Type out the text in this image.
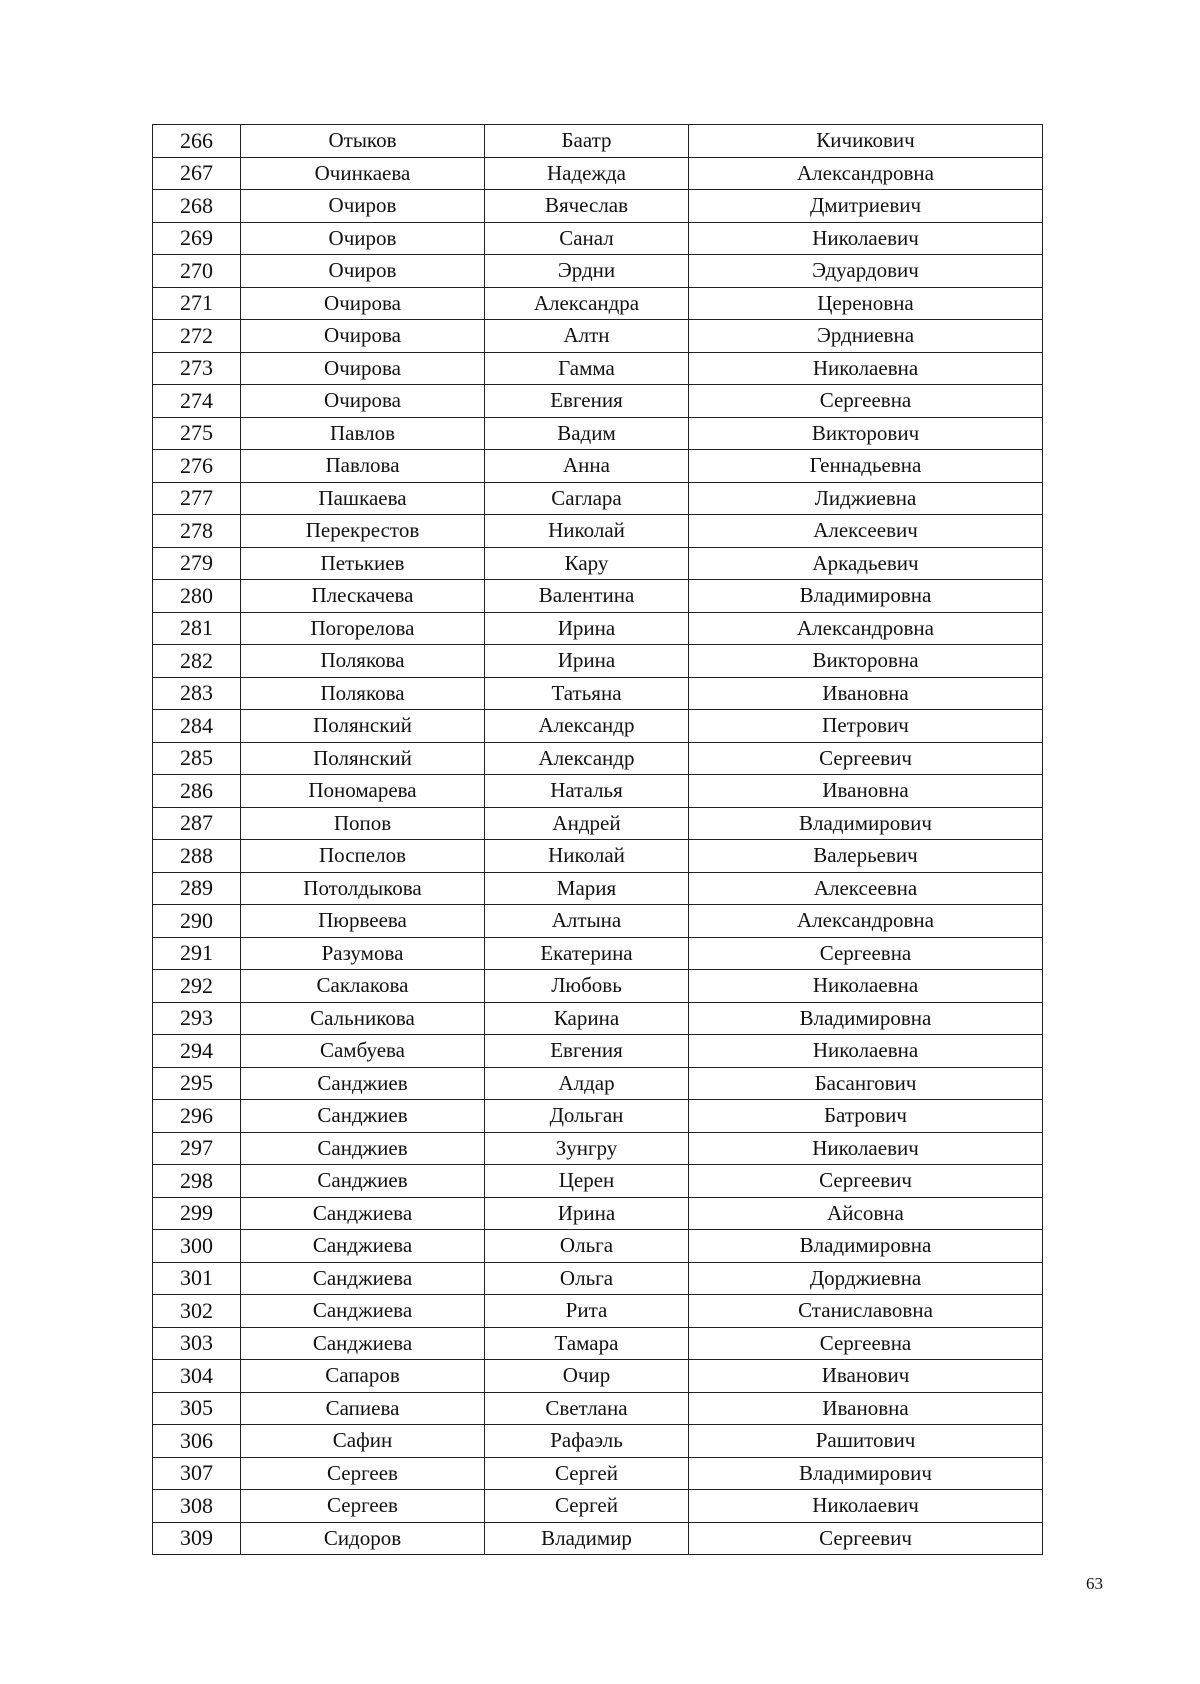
266	Отыков	Баатр	Кичикович
267	Очинкаева	Надежда	Александровна
268	Очиров	Вячеслав	Дмитриевич
269	Очиров	Санал	Николаевич
270	Очиров	Эрдни	Эдуардович
271	Очирова	Александра	Цереновна
272	Очирова	Алтн	Эрдниевна
273	Очирова	Гамма	Николаевна
274	Очирова	Евгения	Сергеевна
275	Павлов	Вадим	Викторович
276	Павлова	Анна	Геннадьевна
277	Пашкаева	Саглара	Лиджиевна
278	Перекрестов	Николай	Алексеевич
279	Петькиев	Кару	Аркадьевич
280	Плескачева	Валентина	Владимировна
281	Погорелова	Ирина	Александровна
282	Полякова	Ирина	Викторовна
283	Полякова	Татьяна	Ивановна
284	Полянский	Александр	Петрович
285	Полянский	Александр	Сергеевич
286	Пономарева	Наталья	Ивановна
287	Попов	Андрей	Владимирович
288	Поспелов	Николай	Валерьевич
289	Потолдыкова	Мария	Алексеевна
290	Пюрвеева	Алтына	Александровна
291	Разумова	Екатерина	Сергеевна
292	Саклакова	Любовь	Николаевна
293	Сальникова	Карина	Владимировна
294	Самбуева	Евгения	Николаевна
295	Санджиев	Алдар	Басангович
296	Санджиев	Дольган	Батрович
297	Санджиев	Зунгру	Николаевич
298	Санджиев	Церен	Сергеевич
299	Санджиева	Ирина	Айсовна
300	Санджиева	Ольга	Владимировна
301	Санджиева	Ольга	Дорджиевна
302	Санджиева	Рита	Станиславовна
303	Санджиева	Тамара	Сергеевна
304	Сапаров	Очир	Иванович
305	Сапиева	Светлана	Ивановна
306	Сафин	Рафаэль	Рашитович
307	Сергеев	Сергей	Владимирович
308	Сергеев	Сергей	Николаевич
309	Сидоров	Владимир	Сергеевич
63
